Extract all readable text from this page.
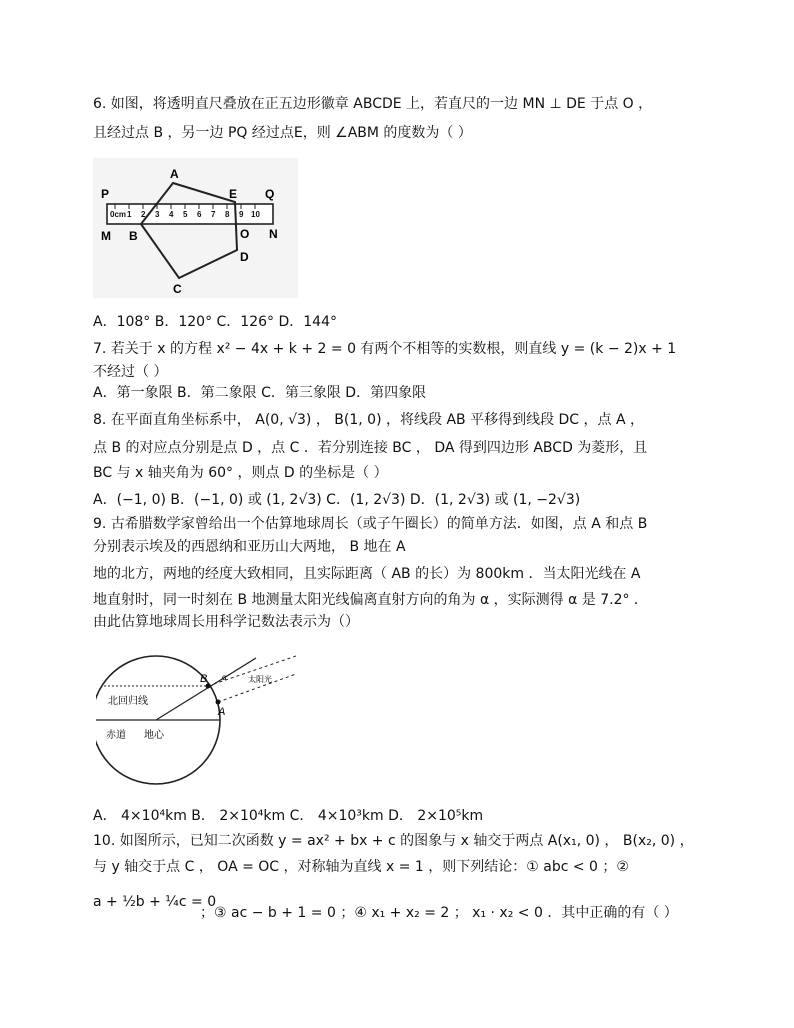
6. 如图，将透明直尺叠放在正五边形徽章 ABCDE 上，若直尺的一边 MN ⊥ DE 于点 O ，
且经过点 B ，另一边 PQ 经过点E，则 ∠ABM 的度数为（ ）
0cm 1 2 3 4 5 6 7 8 9 10
A
E
P	Q
M B	O N
D
C
A．108° B．120° C．126° D．144°
7. 若关于 x 的方程 x² − 4x + k + 2 = 0 有两个不相等的实数根，则直线 y = (k − 2)x + 1
不经过（ ）
A．第一象限 B．第二象限 C．第三象限 D．第四象限
8. 在平面直角坐标系中， A(0, √3) ， B(1, 0) ，将线段 AB 平移得到线段 DC ，点 A ，
点 B 的对应点分别是点 D ，点 C ．若分别连接 BC ， DA 得到四边形 ABCD 为菱形，且
BC 与 x 轴夹角为 60° ，则点 D 的坐标是（ ）
A．(−1, 0) B．(−1, 0) 或 (1, 2√3) C．(1, 2√3) D．(1, 2√3) 或 (1, −2√3)
9. 古希腊数学家曾给出一个估算地球周长（或子午圈长）的简单方法．如图，点 A 和点 B
分别表示埃及的西恩纳和亚历山大两地， B 地在 A
地的北方，两地的经度大致相同，且实际距离（ AB 的长）为 800km ．当太阳光线在 A
地直射时，同一时刻在 B 地测量太阳光线偏离直射方向的角为 α ，实际测得 α 是 7.2° ．
由此估算地球周长用科学记数法表示为（）
B
A
α	太阳光
北回归线
赤道 地心
A． 4×10⁴km B． 2×10⁴km C． 4×10³km D． 2×10⁵km
10. 如图所示，已知二次函数 y = ax² + bx + c 的图象与 x 轴交于两点 A(x₁, 0) ， B(x₂, 0) ，
与 y 轴交于点 C ， OA = OC ，对称轴为直线 x = 1 ，则下列结论：① abc < 0 ；②
a + ½b + ¼c = 0
；③ ac − b + 1 = 0 ；④ x₁ + x₂ = 2 ； x₁ · x₂ < 0 ．其中正确的有（ ）
